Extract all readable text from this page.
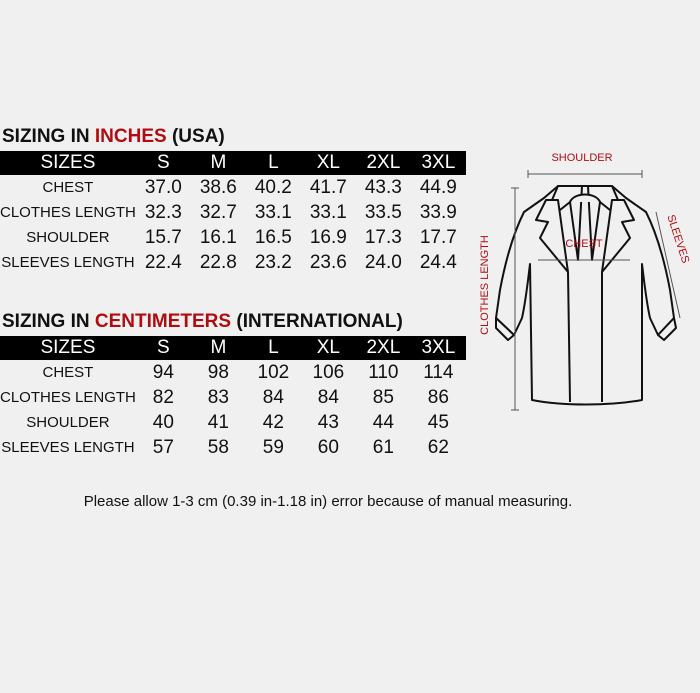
SIZING IN INCHES (USA)
SIZES	S	M	L	XL	2XL	3XL
CHEST	37.0	38.6	40.2	41.7	43.3	44.9
CLOTHES LENGTH	32.3	32.7	33.1	33.1	33.5	33.9
SHOULDER	15.7	16.1	16.5	16.9	17.3	17.7
SLEEVES LENGTH	22.4	22.8	23.2	23.6	24.0	24.4
SIZING IN CENTIMETERS (INTERNATIONAL)
SIZES	S	M	L	XL	2XL	3XL
CHEST	94	98	102	106	110	114
CLOTHES LENGTH	82	83	84	84	85	86
SHOULDER	40	41	42	43	44	45
SLEEVES LENGTH	57	58	59	60	61	62
Please allow 1-3 cm (0.39 in-1.18 in) error because of manual measuring.
SHOULDER
CHEST	SLEEVES
CLOTHES LENGTH
